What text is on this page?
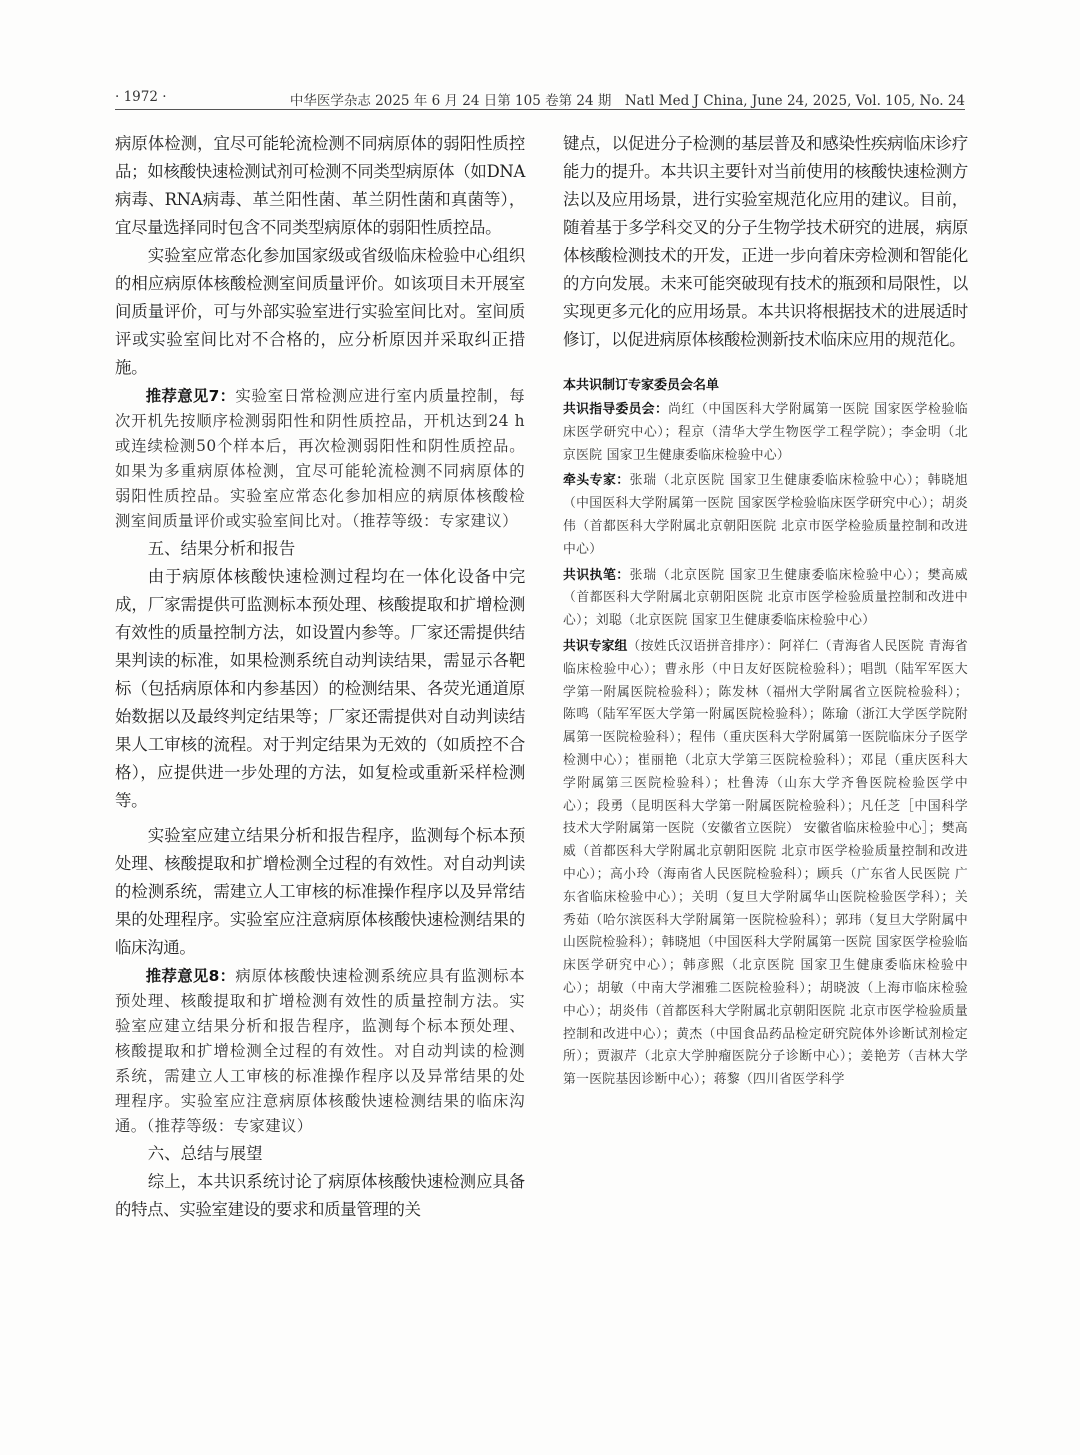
· 1972 ·	中华医学杂志 2025 年 6 月 24 日第 105 卷第 24 期　Natl Med J China, June 24, 2025, Vol. 105, No. 24

病原体检测，宜尽可能轮流检测不同病原体的弱阳性质控品；如核酸快速检测试剂可检测不同类型病原体（如DNA病毒、RNA病毒、革兰阳性菌、革兰阴性菌和真菌等），宜尽量选择同时包含不同类型病原体的弱阳性质控品。

实验室应常态化参加国家级或省级临床检验中心组织的相应病原体核酸检测室间质量评价。如该项目未开展室间质量评价，可与外部实验室进行实验室间比对。室间质评或实验室间比对不合格的，应分析原因并采取纠正措施。

推荐意见7：实验室日常检测应进行室内质量控制，每次开机先按顺序检测弱阳性和阴性质控品，开机达到24 h或连续检测50个样本后，再次检测弱阳性和阴性质控品。如果为多重病原体检测，宜尽可能轮流检测不同病原体的弱阳性质控品。实验室应常态化参加相应的病原体核酸检测室间质量评价或实验室间比对。（推荐等级：专家建议）

五、结果分析和报告

由于病原体核酸快速检测过程均在一体化设备中完成，厂家需提供可监测标本预处理、核酸提取和扩增检测有效性的质量控制方法，如设置内参等。厂家还需提供结果判读的标准，如果检测系统自动判读结果，需显示各靶标（包括病原体和内参基因）的检测结果、各荧光通道原始数据以及最终判定结果等；厂家还需提供对自动判读结果人工审核的流程。对于判定结果为无效的（如质控不合格），应提供进一步处理的方法，如复检或重新采样检测等。

实验室应建立结果分析和报告程序，监测每个标本预处理、核酸提取和扩增检测全过程的有效性。对自动判读的检测系统，需建立人工审核的标准操作程序以及异常结果的处理程序。实验室应注意病原体核酸快速检测结果的临床沟通。

推荐意见8：病原体核酸快速检测系统应具有监测标本预处理、核酸提取和扩增检测有效性的质量控制方法。实验室应建立结果分析和报告程序，监测每个标本预处理、核酸提取和扩增检测全过程的有效性。对自动判读的检测系统，需建立人工审核的标准操作程序以及异常结果的处理程序。实验室应注意病原体核酸快速检测结果的临床沟通。（推荐等级：专家建议）

六、总结与展望

综上，本共识系统讨论了病原体核酸快速检测应具备的特点、实验室建设的要求和质量管理的关

键点，以促进分子检测的基层普及和感染性疾病临床诊疗能力的提升。本共识主要针对当前使用的核酸快速检测方法以及应用场景，进行实验室规范化应用的建议。目前，随着基于多学科交叉的分子生物学技术研究的进展，病原体核酸检测技术的开发，正进一步向着床旁检测和智能化的方向发展。未来可能突破现有技术的瓶颈和局限性，以实现更多元化的应用场景。本共识将根据技术的进展适时修订，以促进病原体核酸检测新技术临床应用的规范化。

本共识制订专家委员会名单

共识指导委员会：尚红（中国医科大学附属第一医院 国家医学检验临床医学研究中心）；程京（清华大学生物医学工程学院）；李金明（北京医院 国家卫生健康委临床检验中心）

牵头专家：张瑞（北京医院 国家卫生健康委临床检验中心）；韩晓旭（中国医科大学附属第一医院 国家医学检验临床医学研究中心）；胡炎伟（首都医科大学附属北京朝阳医院 北京市医学检验质量控制和改进中心）

共识执笔：张瑞（北京医院 国家卫生健康委临床检验中心）；樊高威（首都医科大学附属北京朝阳医院 北京市医学检验质量控制和改进中心）；刘聪（北京医院 国家卫生健康委临床检验中心）

共识专家组（按姓氏汉语拼音排序）：阿祥仁（青海省人民医院 青海省临床检验中心）；曹永彤（中日友好医院检验科）；唱凯（陆军军医大学第一附属医院检验科）；陈发林（福州大学附属省立医院检验科）；陈鸣（陆军军医大学第一附属医院检验科）；陈瑜（浙江大学医学院附属第一医院检验科）；程伟（重庆医科大学附属第一医院临床分子医学检测中心）；崔丽艳（北京大学第三医院检验科）；邓昆（重庆医科大学附属第三医院检验科）；杜鲁涛（山东大学齐鲁医院检验医学中心）；段勇（昆明医科大学第一附属医院检验科）；凡任芝［中国科学技术大学附属第一医院（安徽省立医院） 安徽省临床检验中心］；樊高威（首都医科大学附属北京朝阳医院 北京市医学检验质量控制和改进中心）；高小玲（海南省人民医院检验科）；顾兵（广东省人民医院 广东省临床检验中心）；关明（复旦大学附属华山医院检验医学科）；关秀茹（哈尔滨医科大学附属第一医院检验科）；郭玮（复旦大学附属中山医院检验科）；韩晓旭（中国医科大学附属第一医院 国家医学检验临床医学研究中心）；韩彦熙（北京医院 国家卫生健康委临床检验中心）；胡敏（中南大学湘雅二医院检验科）；胡晓波（上海市临床检验中心）；胡炎伟（首都医科大学附属北京朝阳医院 北京市医学检验质量控制和改进中心）；黄杰（中国食品药品检定研究院体外诊断试剂检定所）；贾淑芹（北京大学肿瘤医院分子诊断中心）；姜艳芳（吉林大学第一医院基因诊断中心）；蒋黎（四川省医学科学
